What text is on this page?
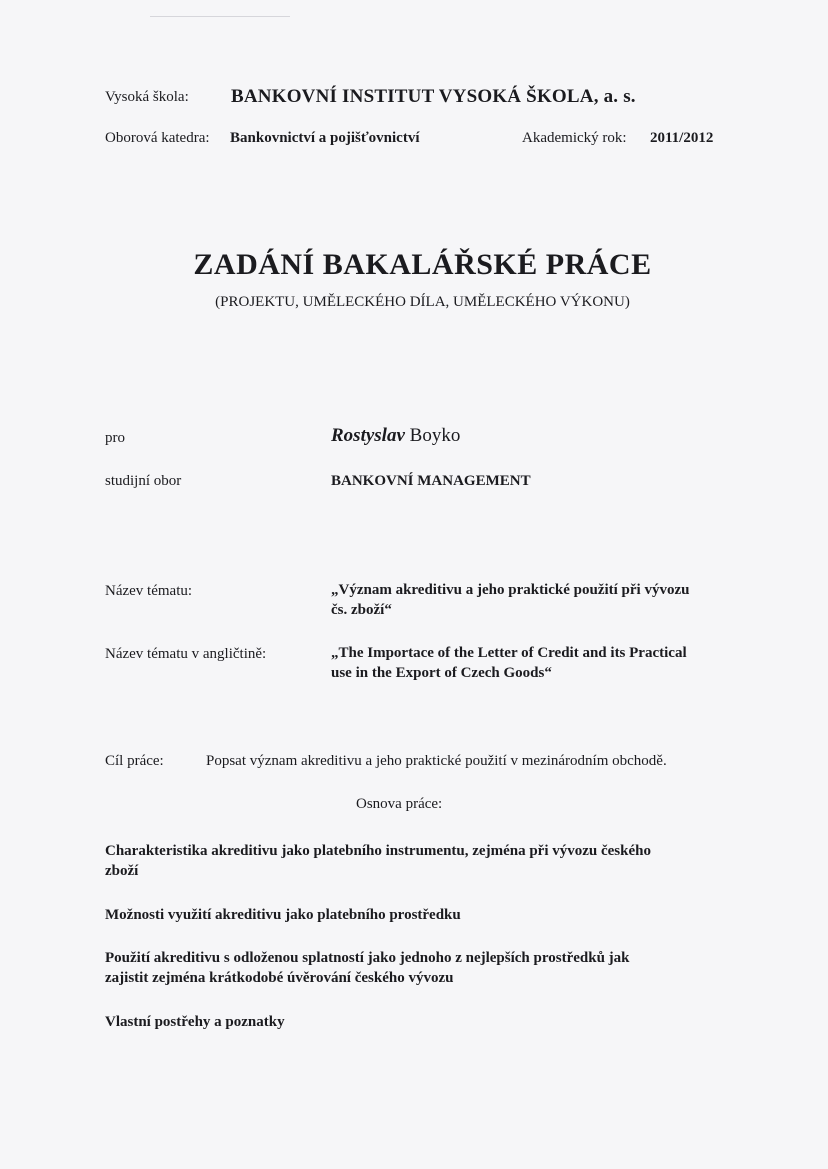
Vysoká škola: BANKOVNÍ INSTITUT VYSOKÁ ŠKOLA, a. s.
Oborová katedra: Bankovnictví a pojišťovnictví	Akademický rok: 2011/2012
ZADÁNÍ BAKALÁŘSKÉ PRÁCE
(PROJEKTU, UMĚLECKÉHO DÍLA, UMĚLECKÉHO VÝKONU)
pro	Rostyslav Boyko
studijní obor	BANKOVNÍ MANAGEMENT
Název tématu:	„Význam akreditivu a jeho praktické použití při vývozu
čs. zboží“
Název tématu v angličtině:	„The Importace of the Letter of Credit and its Practical
use in the Export of Czech Goods“
Cíl práce:	Popsat význam akreditivu a jeho praktické použití v mezinárodním obchodě.
Osnova práce:
Charakteristika akreditivu jako platebního instrumentu, zejména při vývozu českého
zboží
Možnosti využití akreditivu jako platebního prostředku
Použití akreditivu s odloženou splatností jako jednoho z nejlepších prostředků jak
zajistit zejména krátkodobé úvěrování českého vývozu
Vlastní postřehy a poznatky
